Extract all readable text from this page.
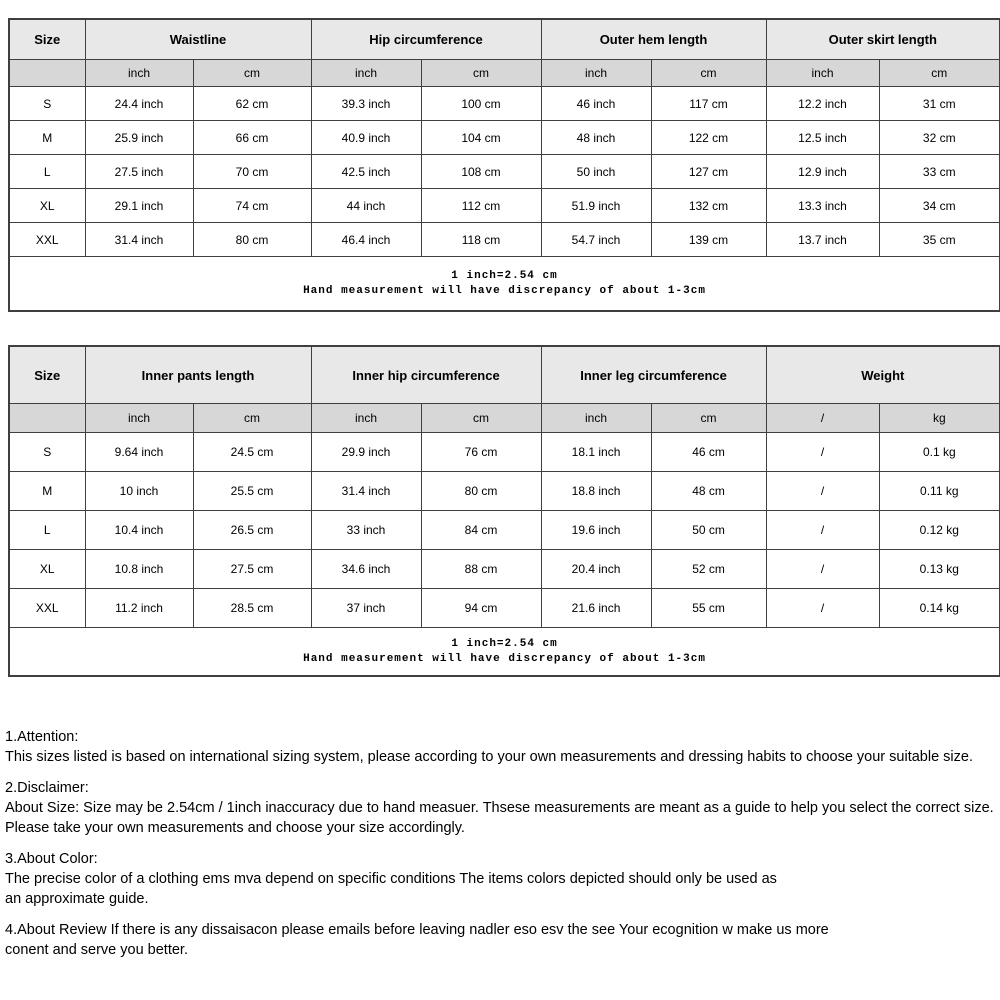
Size	Waistline		Hip circumference		Outer hem length		Outer skirt length	
	inch	cm	inch	cm	inch	cm	inch	cm
S	24.4 inch	62 cm	39.3 inch	100 cm	46 inch	117 cm	12.2 inch	31 cm
M	25.9 inch	66 cm	40.9 inch	104 cm	48 inch	122 cm	12.5 inch	32 cm
L	27.5 inch	70 cm	42.5 inch	108 cm	50 inch	127 cm	12.9 inch	33 cm
XL	29.1 inch	74 cm	44 inch	112 cm	51.9 inch	132 cm	13.3 inch	34 cm
XXL	31.4 inch	80 cm	46.4 inch	118 cm	54.7 inch	139 cm	13.7 inch	35 cm

1 inch=2.54 cm
Hand measurement will have discrepancy of about 1-3cm								
Size	Inner pants length		Inner hip circumference		Inner leg circumference		Weight	
	inch	cm	inch	cm	inch	cm	/	kg
S	9.64 inch	24.5 cm	29.9 inch	76 cm	18.1 inch	46 cm	/	0.1 kg
M	10 inch	25.5 cm	31.4 inch	80 cm	18.8 inch	48 cm	/	0.11 kg
L	10.4 inch	26.5 cm	33 inch	84 cm	19.6 inch	50 cm	/	0.12 kg
XL	10.8 inch	27.5 cm	34.6 inch	88 cm	20.4 inch	52 cm	/	0.13 kg
XXL	11.2 inch	28.5 cm	37 inch	94 cm	21.6 inch	55 cm	/	0.14 kg

1 inch=2.54 cm
Hand measurement will have discrepancy of about 1-3cm								
1.Attention:
This sizes listed is based on international sizing system, please according to your own measurements and dressing habits to choose your suitable size.
2.Disclaimer:
About Size: Size may be 2.54cm / 1inch inaccuracy due to hand measuer. Thsese measurements are meant as a guide to help you select the correct size.
Please take your own measurements and choose your size accordingly.
3.About Color:
The precise color of a clothing ems mva depend on specific conditions The items colors depicted should only be used as
an approximate guide.
4.About Review If there is any dissaisacon please emails before leaving nadler eso esv the see Your ecognition w make us more
conent and serve you better.
